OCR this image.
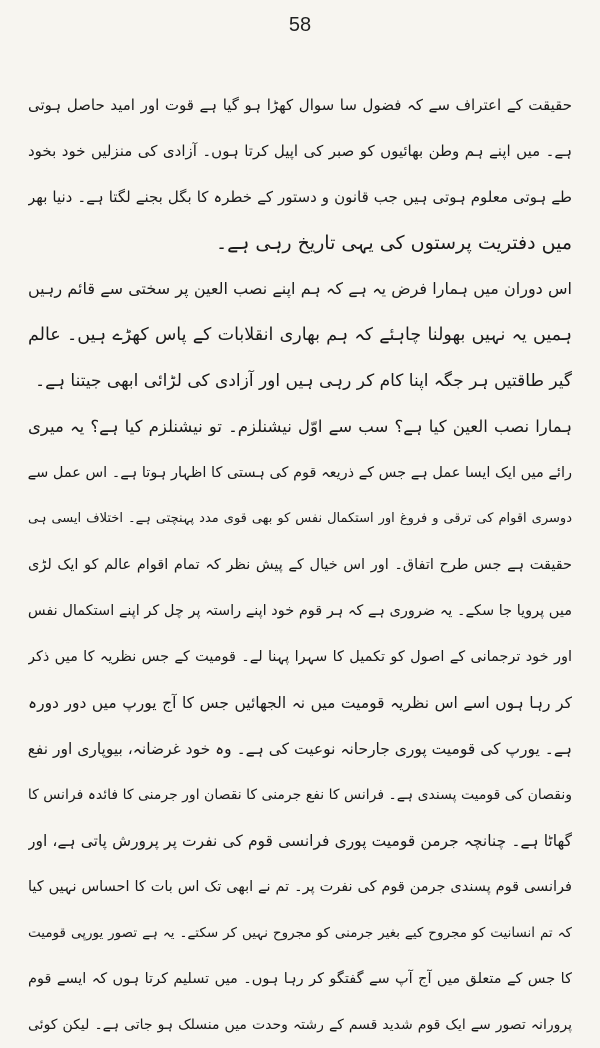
58
حقیقت کے اعتراف سے کہ فضول سا سوال کھڑا ہو گیا ہے قوت اور امید حاصل ہوتی
ہے۔ میں اپنے ہم وطن بھائیوں کو صبر کی اپیل کرتا ہوں۔ آزادی کی منزلیں خود بخود
طے ہوتی معلوم ہوتی ہیں جب قانون و دستور کے خطرہ کا بگل بجنے لگتا ہے۔ دنیا بھر
میں دفتریت پرستوں کی یہی تاریخ رہی ہے۔
اس دوران میں ہمارا فرض یہ ہے کہ ہم اپنے نصب العین پر سختی سے قائم رہیں
ہمیں یہ نہیں بھولنا چاہئے کہ ہم بھاری انقلابات کے پاس کھڑے ہیں۔ عالم
گیر طاقتیں ہر جگہ اپنا کام کر رہی ہیں اور آزادی کی لڑائی ابھی جیتنا ہے۔
ہمارا نصب العین کیا ہے؟ سب سے اوّل نیشنلزم۔ تو نیشنلزم کیا ہے؟ یہ میری
رائے میں ایک ایسا عمل ہے جس کے ذریعہ قوم کی ہستی کا اظہار ہوتا ہے۔ اس عمل سے
دوسری اقوام کی ترقی و فروغ اور استکمال نفس کو بھی قوی مدد پہنچتی ہے۔ اختلاف ایسی ہی
حقیقت ہے جس طرح اتفاق۔ اور اس خیال کے پیش نظر کہ تمام اقوام عالم کو ایک لڑی
میں پرویا جا سکے۔ یہ ضروری ہے کہ ہر قوم خود اپنے راستہ پر چل کر اپنے استکمال نفس
اور خود ترجمانی کے اصول کو تکمیل کا سہرا پہنا لے۔ قومیت کے جس نظریہ کا میں ذکر
کر رہا ہوں اسے اس نظریہ قومیت میں نہ الجھائیں جس کا آج یورپ میں دور دورہ
ہے۔ یورپ کی قومیت پوری جارحانہ نوعیت کی ہے۔ وہ خود غرضانہ، بیوپاری اور نفع
ونقصان کی قومیت پسندی ہے۔ فرانس کا نفع جرمنی کا نقصان اور جرمنی کا فائدہ فرانس کا
گھاٹا ہے۔ چنانچہ جرمن قومیت پوری فرانسی قوم کی نفرت پر پرورش پاتی ہے، اور
فرانسی قوم پسندی جرمن قوم کی نفرت پر۔ تم نے ابھی تک اس بات کا احساس نہیں کیا
کہ تم انسانیت کو مجروح کیے بغیر جرمنی کو مجروح نہیں کر سکتے۔ یہ ہے تصور یورپی قومیت
کا جس کے متعلق میں آج آپ سے گفتگو کر رہا ہوں۔ میں تسلیم کرتا ہوں کہ ایسے قوم
پرورانہ تصور سے ایک قوم شدید قسم کے رشتہ وحدت میں منسلک ہو جاتی ہے۔ لیکن کوئی
